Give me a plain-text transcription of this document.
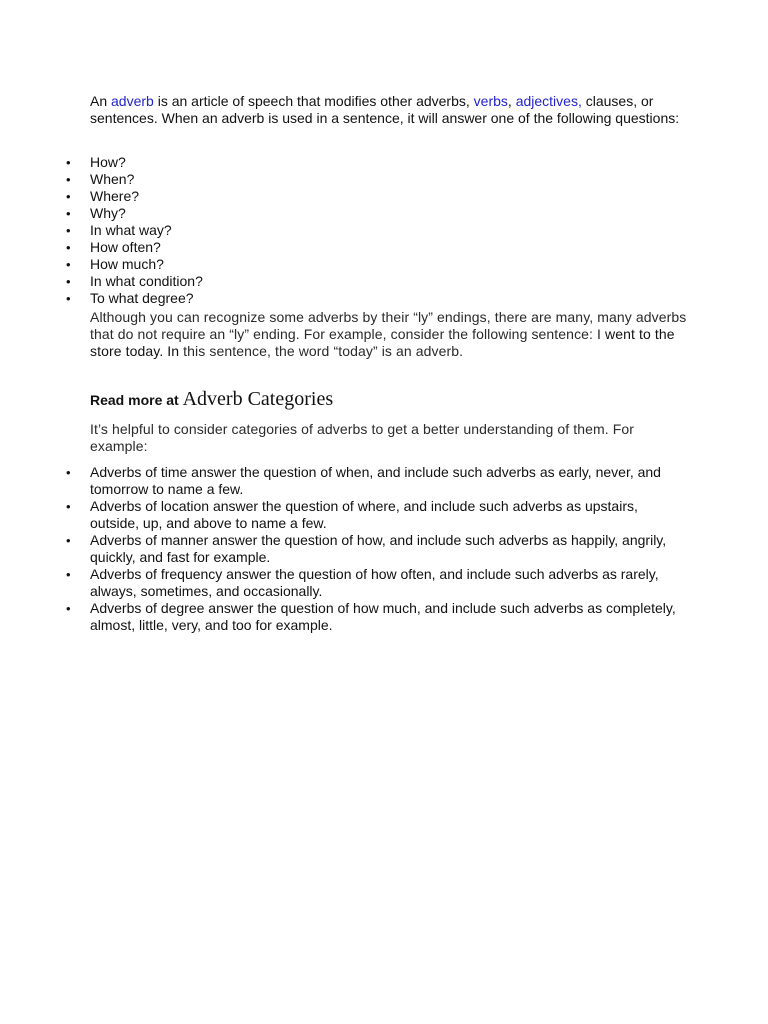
An adverb is an article of speech that modifies other adverbs, verbs, adjectives, clauses, or sentences. When an adverb is used in a sentence, it will answer one of the following questions:

• How?
• When?
• Where?
• Why?
• In what way?
• How often?
• How much?
• In what condition?
• To what degree?

Although you can recognize some adverbs by their “ly” endings, there are many, many adverbs that do not require an “ly” ending. For example, consider the following sentence: I went to the store today. In this sentence, the word “today” is an adverb.

Read more at Adverb Categories

It’s helpful to consider categories of adverbs to get a better understanding of them. For
example:

• Adverbs of time answer the question of when, and include such adverbs as early, never, and tomorrow to name a few.
• Adverbs of location answer the question of where, and include such adverbs as upstairs, outside, up, and above to name a few.
• Adverbs of manner answer the question of how, and include such adverbs as happily, angrily, quickly, and fast for example.
• Adverbs of frequency answer the question of how often, and include such adverbs as rarely, always, sometimes, and occasionally.
• Adverbs of degree answer the question of how much, and include such adverbs as completely, almost, little, very, and too for example.
